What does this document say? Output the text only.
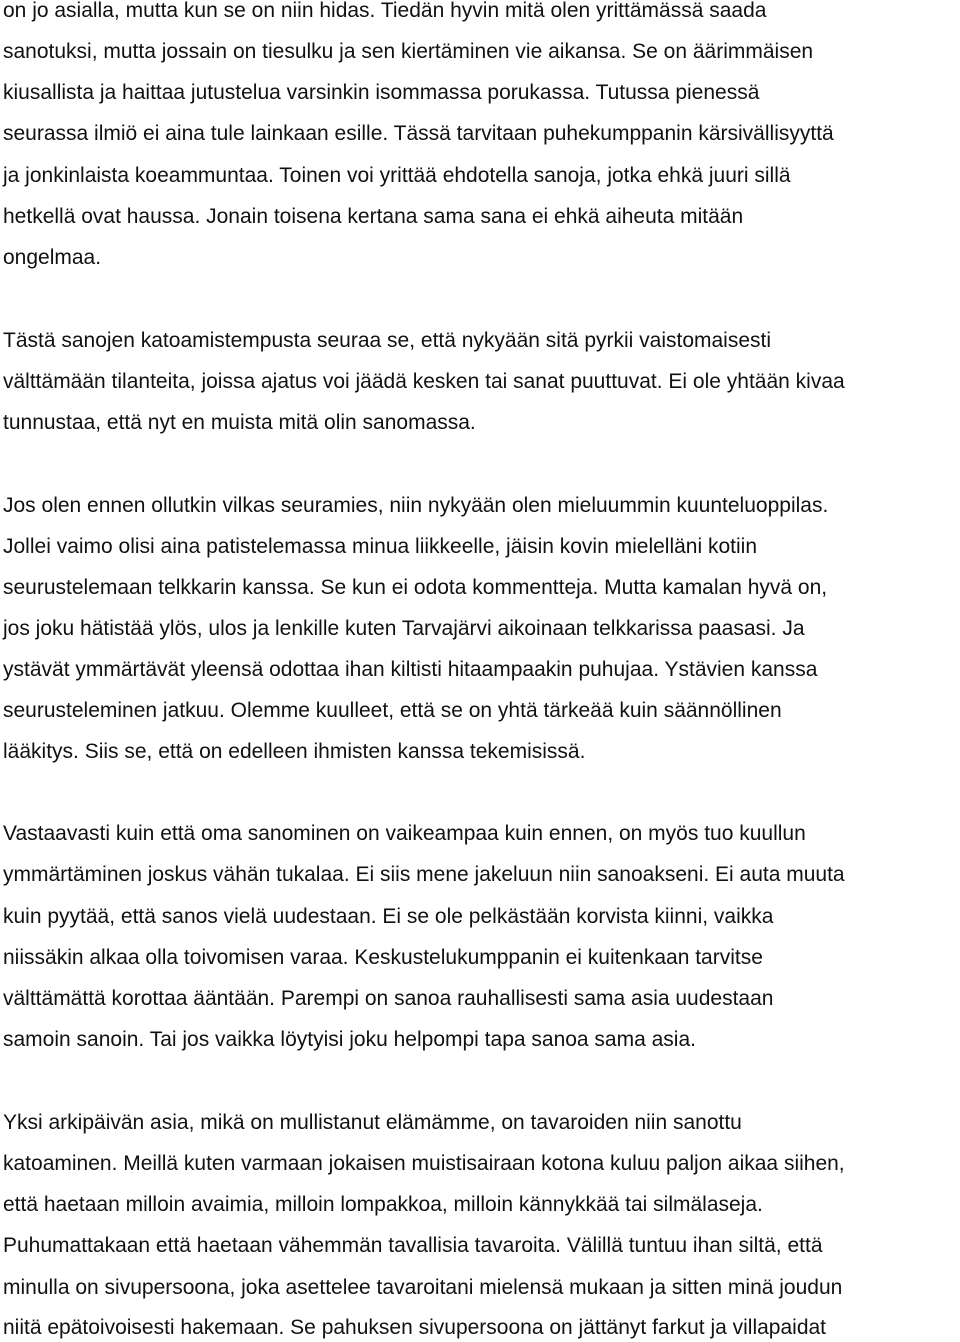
on jo asialla, mutta kun se on niin hidas. Tiedän hyvin mitä olen yrittämässä saada

sanotuksi, mutta jossain on tiesulku ja sen kiertäminen vie aikansa. Se on äärimmäisen

kiusallista ja haittaa jutustelua varsinkin isommassa porukassa. Tutussa pienessä

seurassa ilmiö ei aina tule lainkaan esille. Tässä tarvitaan puhekumppanin kärsivällisyyttä

ja jonkinlaista koeammuntaa. Toinen voi yrittää ehdotella sanoja, jotka ehkä juuri sillä

hetkellä ovat haussa. Jonain toisena kertana sama sana ei ehkä aiheuta mitään

ongelmaa.

Tästä sanojen katoamistempusta seuraa se, että nykyään sitä pyrkii vaistomaisesti

välttämään tilanteita, joissa ajatus voi jäädä kesken tai sanat puuttuvat. Ei ole yhtään kivaa

tunnustaa, että nyt en muista mitä olin sanomassa.

Jos olen ennen ollutkin vilkas seuramies, niin nykyään olen mieluummin kuunteluoppilas.

Jollei vaimo olisi aina patistelemassa minua liikkeelle, jäisin kovin mielelläni kotiin

seurustelemaan telkkarin kanssa. Se kun ei odota kommentteja. Mutta kamalan hyvä on,

jos joku hätistää ylös, ulos ja lenkille kuten Tarvajärvi aikoinaan telkkarissa paasasi. Ja

ystävät ymmärtävät yleensä odottaa ihan kiltisti hitaampaakin puhujaa. Ystävien kanssa

seurusteleminen jatkuu. Olemme kuulleet, että se on yhtä tärkeää kuin säännöllinen

lääkitys. Siis se, että on edelleen ihmisten kanssa tekemisissä.

Vastaavasti kuin että oma sanominen on vaikeampaa kuin ennen, on myös tuo kuullun

ymmärtäminen joskus vähän tukalaa. Ei siis mene jakeluun niin sanoakseni. Ei auta muuta

kuin pyytää, että sanos vielä uudestaan. Ei se ole pelkästään korvista kiinni, vaikka

niissäkin alkaa olla toivomisen varaa. Keskustelukumppanin ei kuitenkaan tarvitse

välttämättä korottaa ääntään. Parempi on sanoa rauhallisesti sama asia uudestaan

samoin sanoin. Tai jos vaikka löytyisi joku helpompi tapa sanoa sama asia.

Yksi arkipäivän asia, mikä on mullistanut elämämme, on tavaroiden niin sanottu

katoaminen. Meillä kuten varmaan jokaisen muistisairaan kotona kuluu paljon aikaa siihen,

että haetaan milloin avaimia, milloin lompakkoa, milloin kännykkää tai silmälaseja.

Puhumattakaan että haetaan vähemmän tavallisia tavaroita. Välillä tuntuu ihan siltä, että

minulla on sivupersoona, joka asettelee tavaroitani mielensä mukaan ja sitten minä joudun

niitä epätoivoisesti hakemaan. Se pahuksen sivupersoona on jättänyt farkut ja villapaidat
